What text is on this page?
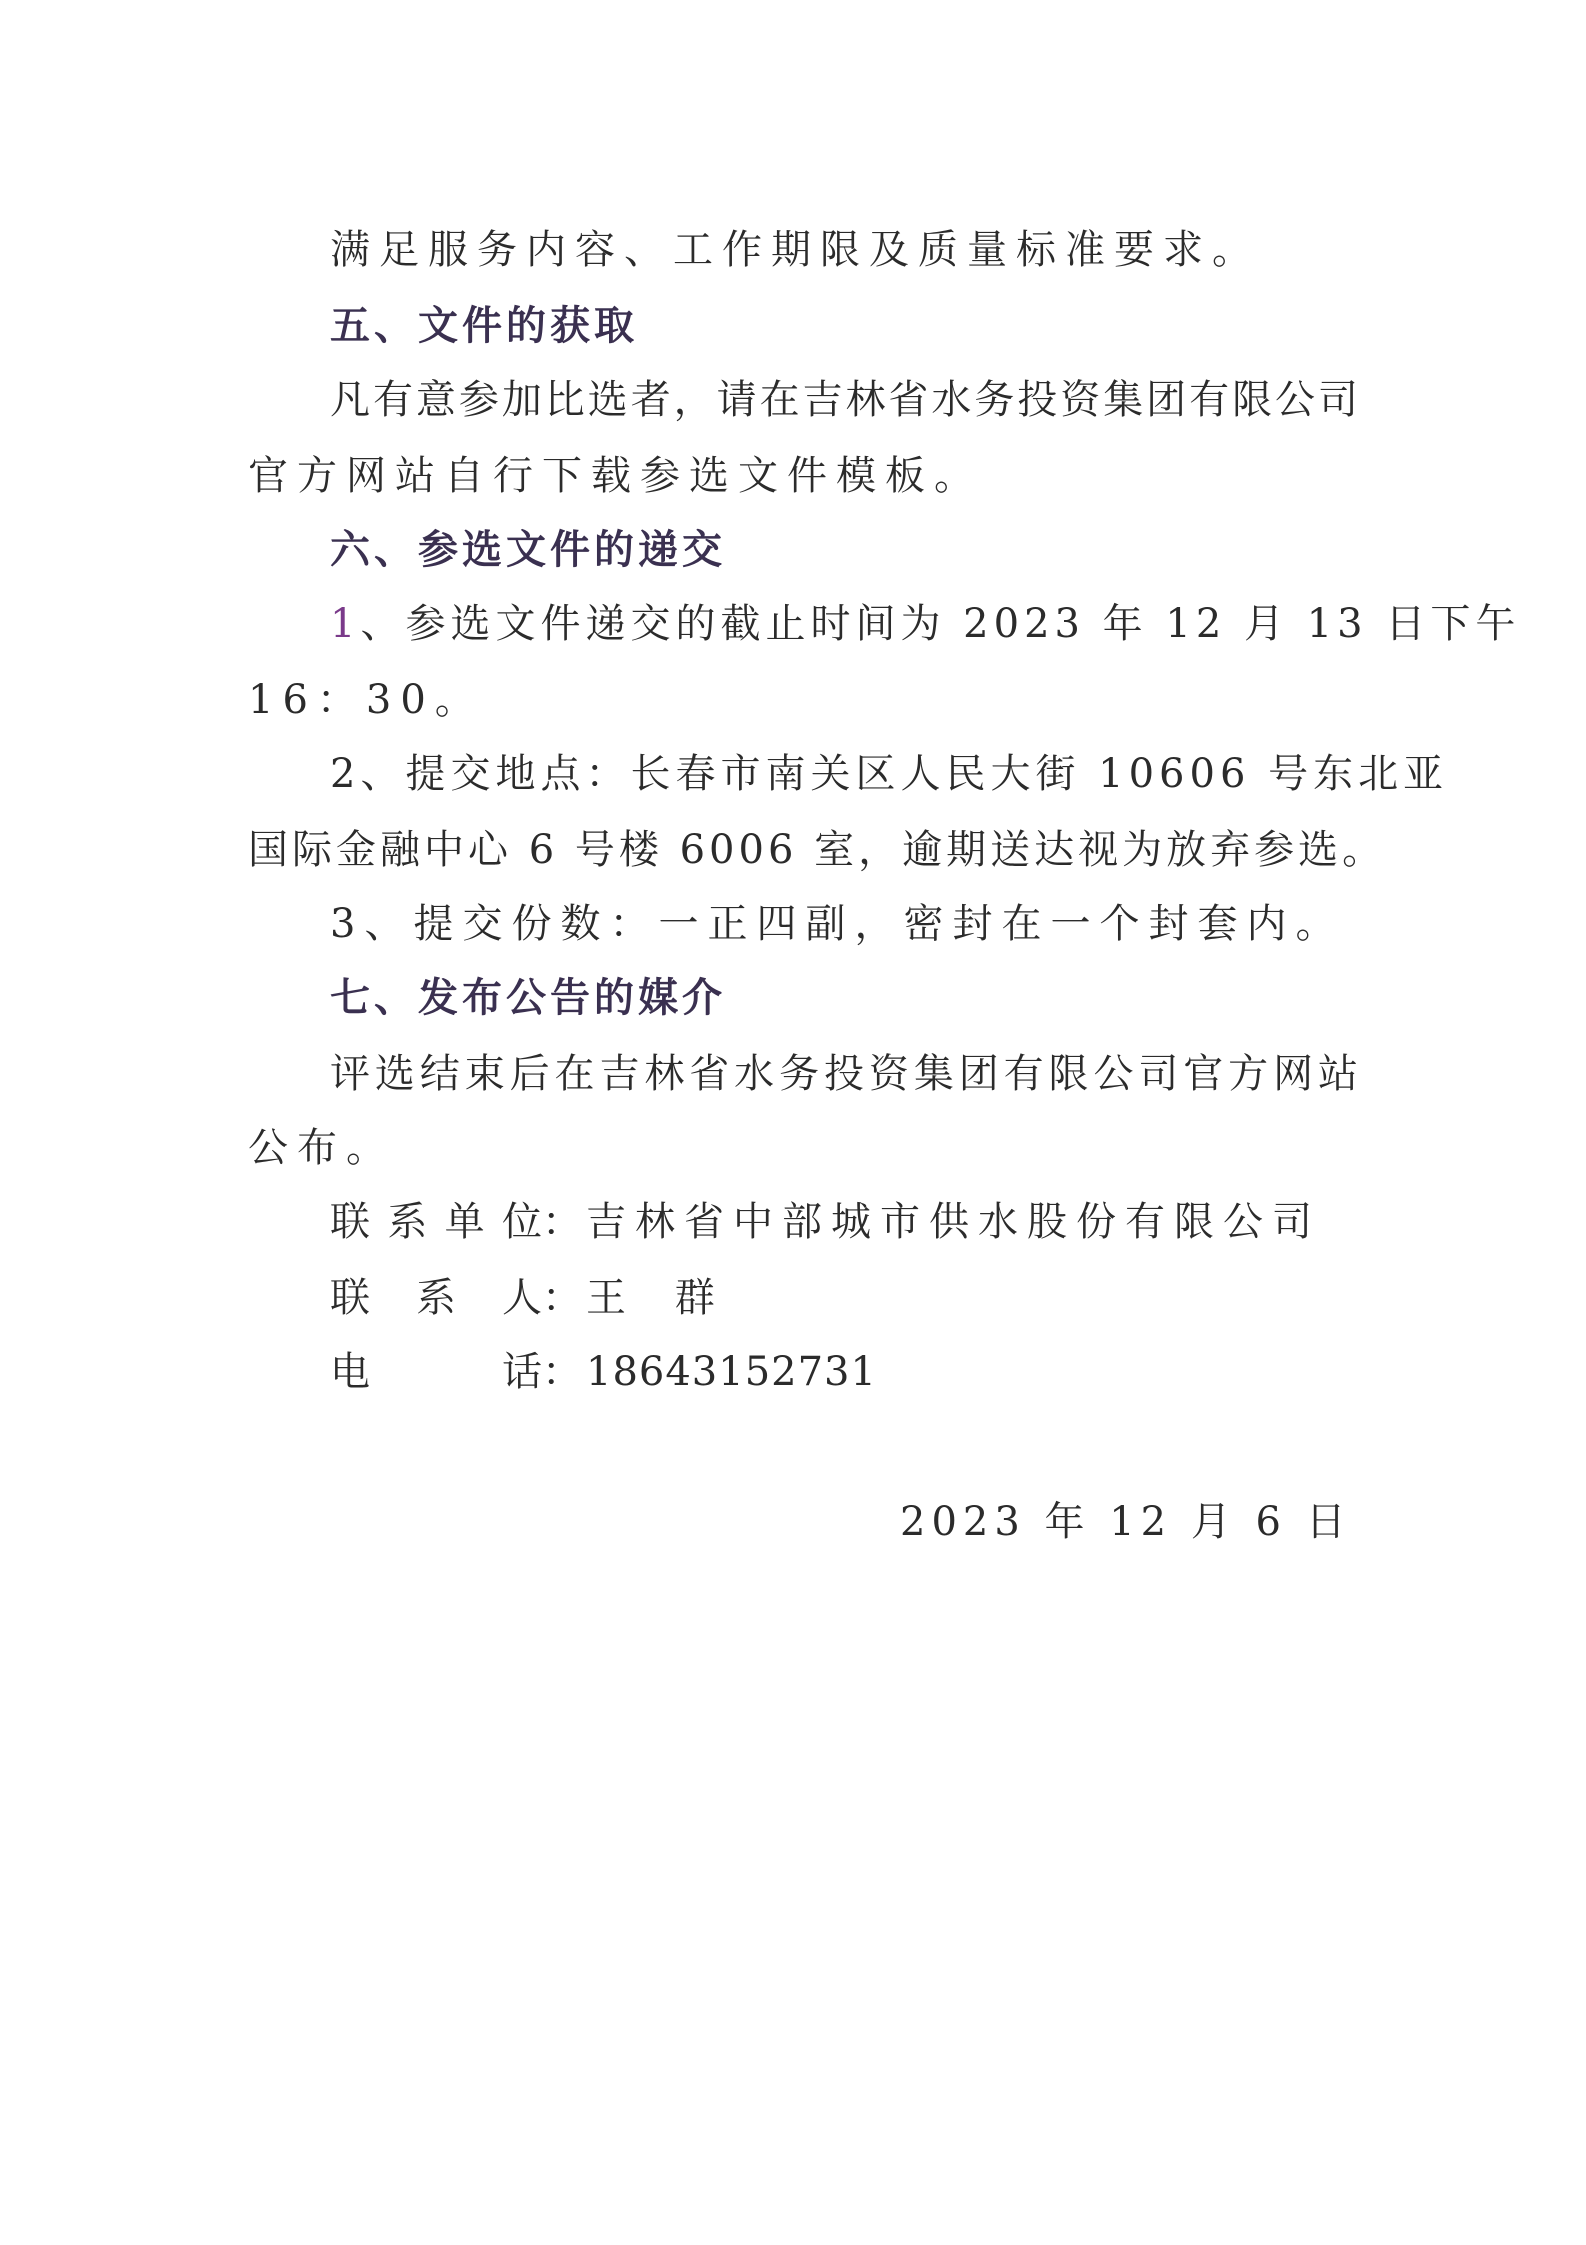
满足服务内容、工作期限及质量标准要求。
五、文件的获取
凡有意参加比选者，请在吉林省水务投资集团有限公司
官方网站自行下载参选文件模板。
六、参选文件的递交
1、参选文件递交的截止时间为 2023 年 12 月 13 日下午
16：30。
2、提交地点：长春市南关区人民大街 10606 号东北亚
国际金融中心 6 号楼 6006 室，逾期送达视为放弃参选。
3、提交份数：一正四副，密封在一个封套内。
七、发布公告的媒介
评选结束后在吉林省水务投资集团有限公司官方网站
公布。
联系单位：吉林省中部城市供水股份有限公司
联 系 人：王 群
电　　话：18643152731
2023 年 12 月 6 日
